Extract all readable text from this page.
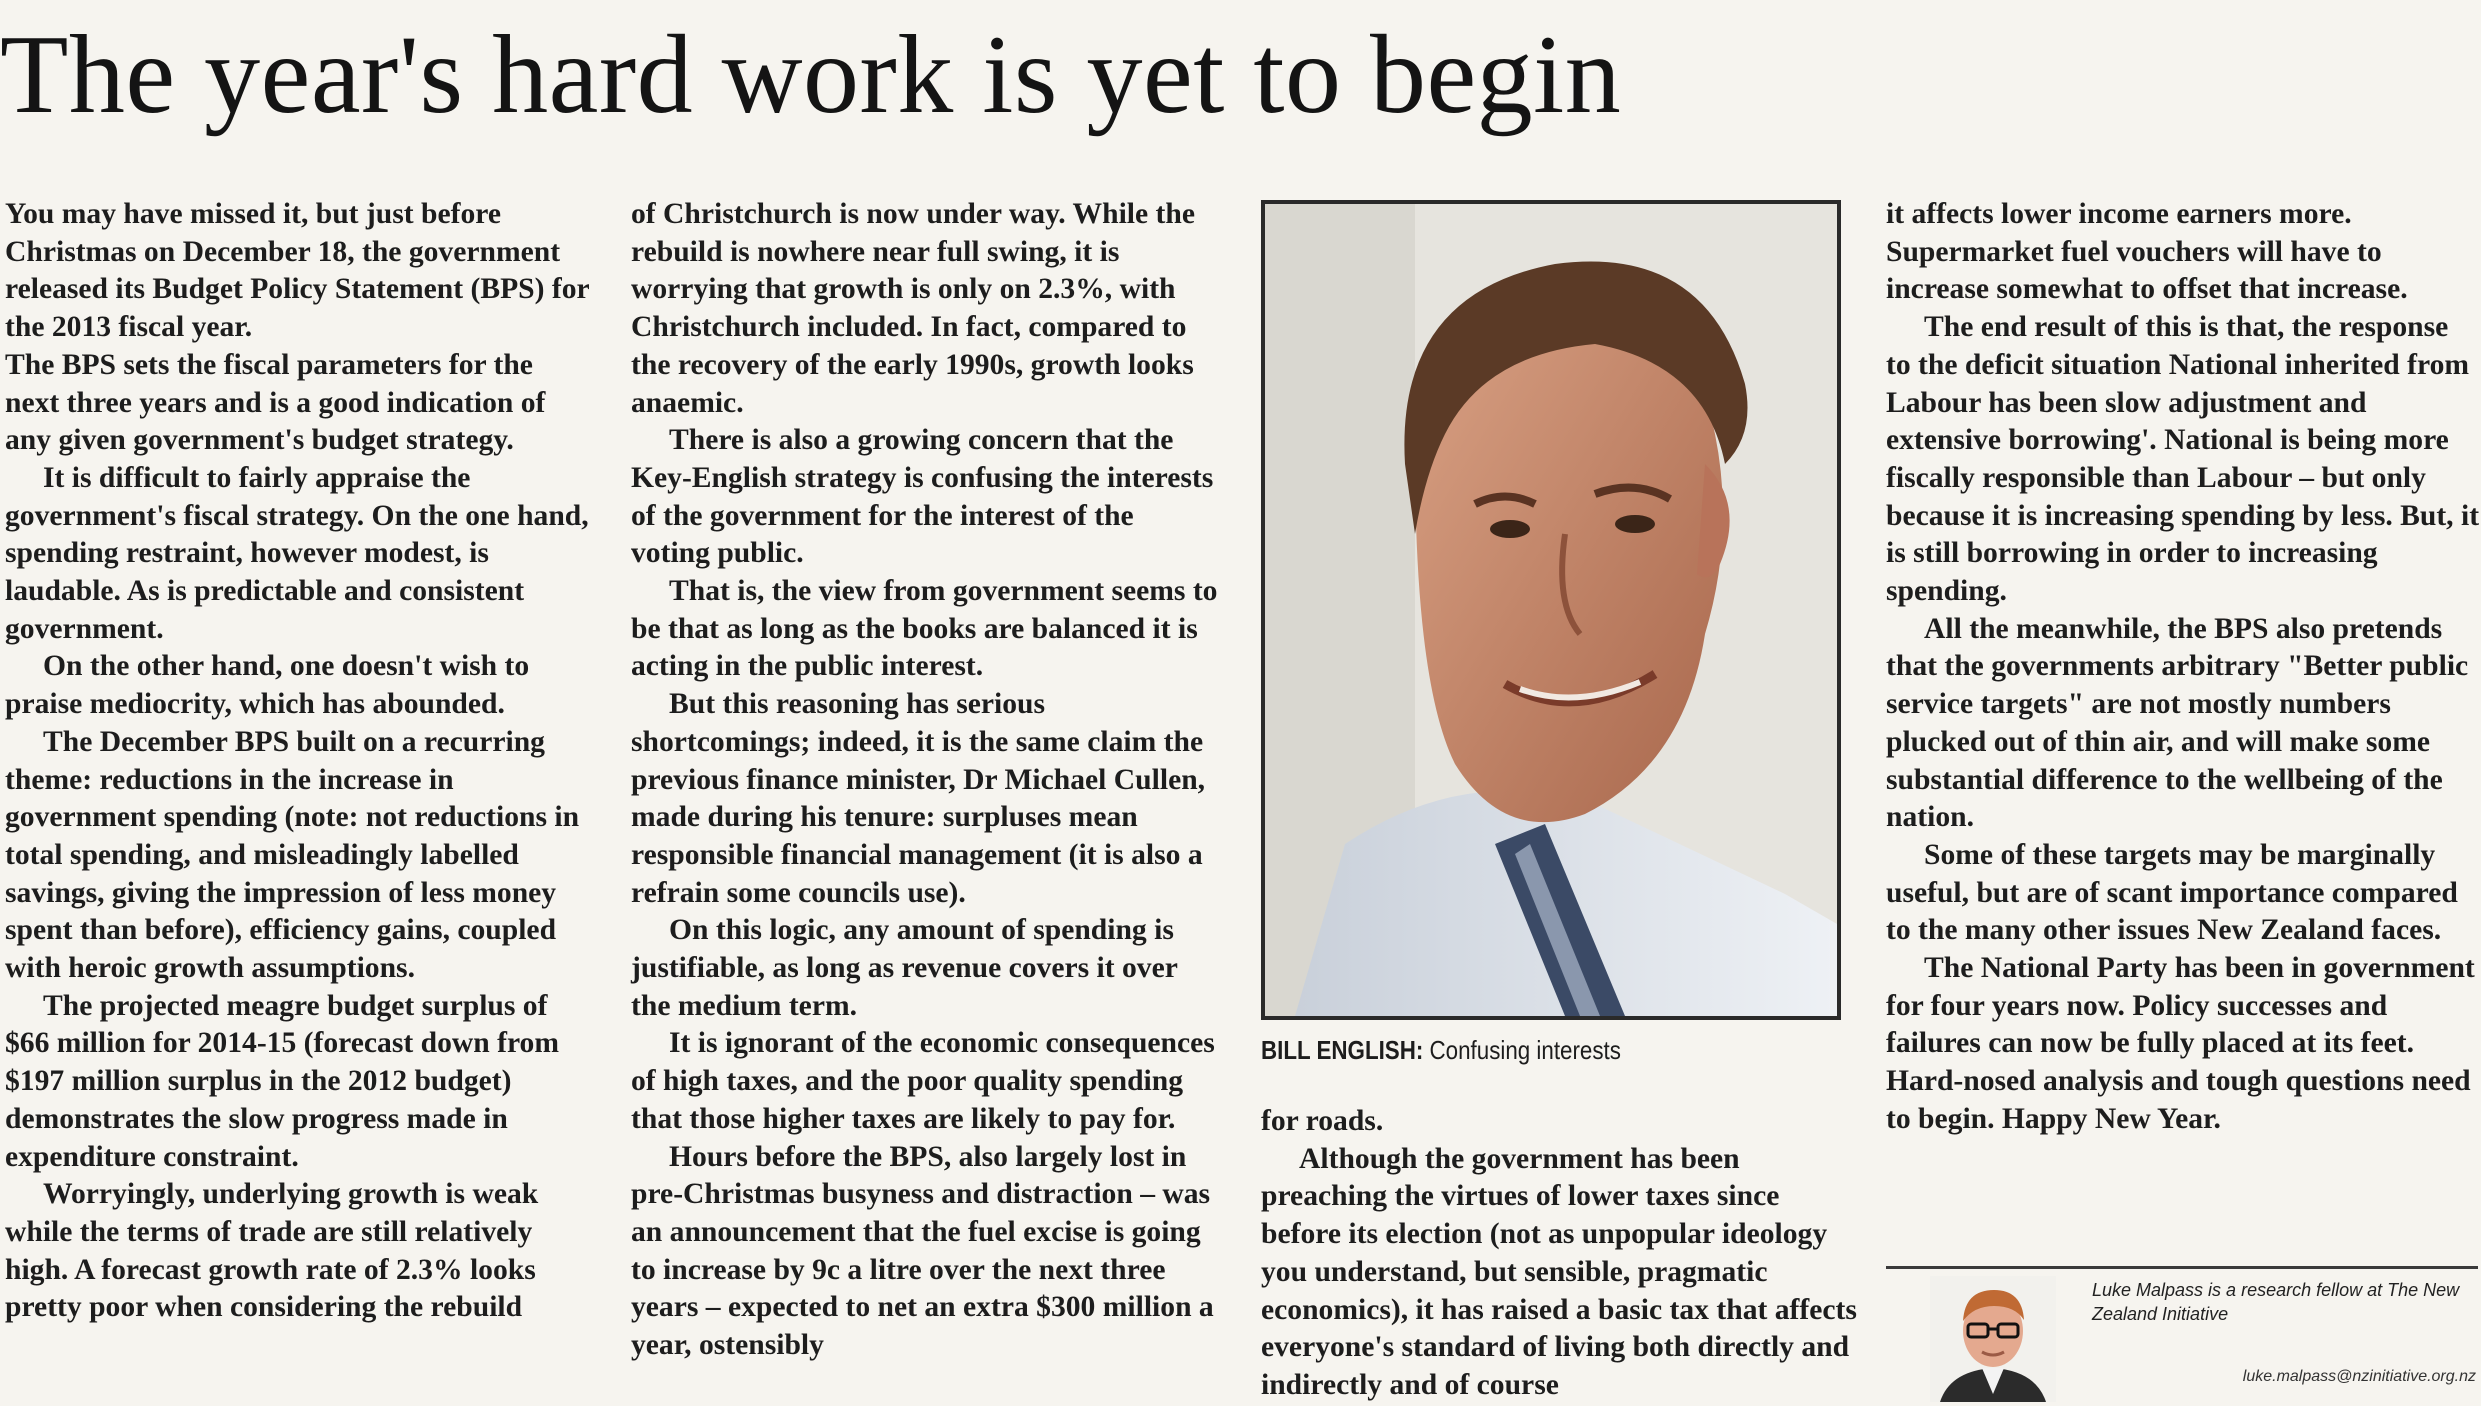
The year's hard work is yet to begin

You may have missed it, but just before Christmas on December 18, the government released its Budget Policy Statement (BPS) for the 2013 fiscal year.

The BPS sets the fiscal parameters for the next three years and is a good indication of any given government's budget strategy.

It is difficult to fairly appraise the government's fiscal strategy. On the one hand, spending restraint, however modest, is laudable. As is predictable and consistent government.

On the other hand, one doesn't wish to praise mediocrity, which has abounded.

The December BPS built on a recurring theme: reductions in the increase in government spending (note: not reductions in total spending, and misleadingly labelled savings, giving the impression of less money spent than before), efficiency gains, coupled with heroic growth assumptions.

The projected meagre budget surplus of $66 million for 2014-15 (forecast down from $197 million surplus in the 2012 budget) demonstrates the slow progress made in expenditure constraint.

Worryingly, underlying growth is weak while the terms of trade are still relatively high. A forecast growth rate of 2.3% looks pretty poor when considering the rebuild

of Christchurch is now under way. While the rebuild is nowhere near full swing, it is worrying that growth is only on 2.3%, with Christchurch included. In fact, compared to the recovery of the early 1990s, growth looks anaemic.

There is also a growing concern that the Key-English strategy is confusing the interests of the government for the interest of the voting public.

That is, the view from government seems to be that as long as the books are balanced it is acting in the public interest.

But this reasoning has serious shortcomings; indeed, it is the same claim the previous finance minister, Dr Michael Cullen, made during his tenure: surpluses mean responsible financial management (it is also a refrain some councils use).

On this logic, any amount of spending is justifiable, as long as revenue covers it over the medium term.

It is ignorant of the economic consequences of high taxes, and the poor quality spending that those higher taxes are likely to pay for.

Hours before the BPS, also largely lost in pre-Christmas busyness and distraction – was an announcement that the fuel excise is going to increase by 9c a litre over the next three years – expected to net an extra $300 million a year, ostensibly

BILL ENGLISH: Confusing interests

for roads.

Although the government has been preaching the virtues of lower taxes since before its election (not as unpopular ideology you understand, but sensible, pragmatic economics), it has raised a basic tax that affects everyone's standard of living both directly and indirectly and of course

it affects lower income earners more. Supermarket fuel vouchers will have to increase somewhat to offset that increase.

The end result of this is that, the response to the deficit situation National inherited from Labour has been slow adjustment and extensive borrowing'. National is being more fiscally responsible than Labour – but only because it is increasing spending by less. But, it is still borrowing in order to increasing spending.

All the meanwhile, the BPS also pretends that the governments arbitrary "Better public service targets" are not mostly numbers plucked out of thin air, and will make some substantial difference to the wellbeing of the nation.

Some of these targets may be marginally useful, but are of scant importance compared to the many other issues New Zealand faces.

The National Party has been in government for four years now. Policy successes and failures can now be fully placed at its feet. Hard-nosed analysis and tough questions need to begin. Happy New Year.

Luke Malpass is a research fellow at The New Zealand Initiative
luke.malpass@nzinitiative.org.nz
